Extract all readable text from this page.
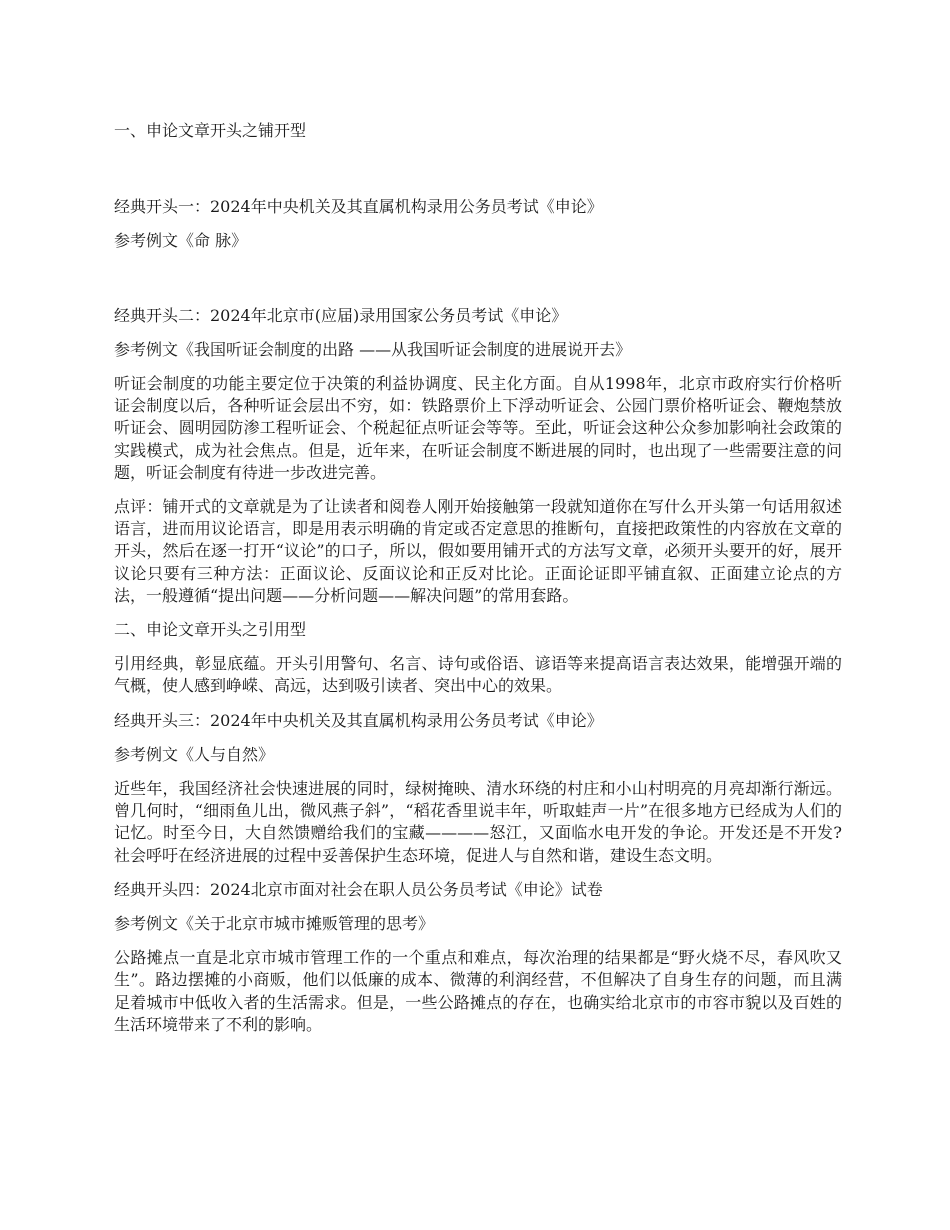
一、申论文章开头之铺开型

经典开头一：2024年中央机关及其直属机构录用公务员考试《申论》

参考例文《命 脉》

经典开头二：2024年北京市(应届)录用国家公务员考试《申论》

参考例文《我国听证会制度的出路 ——从我国听证会制度的进展说开去》

听证会制度的功能主要定位于决策的利益协调度、民主化方面。自从1998年，北京市政府实行价格听证会制度以后，各种听证会层出不穷，如：铁路票价上下浮动听证会、公园门票价格听证会、鞭炮禁放听证会、圆明园防渗工程听证会、个税起征点听证会等等。至此，听证会这种公众参加影响社会政策的实践模式，成为社会焦点。但是，近年来，在听证会制度不断进展的同时，也出现了一些需要注意的问题，听证会制度有待进一步改进完善。

点评：铺开式的文章就是为了让读者和阅卷人刚开始接触第一段就知道你在写什么开头第一句话用叙述语言，进而用议论语言，即是用表示明确的肯定或否定意思的推断句，直接把政策性的内容放在文章的开头，然后在逐一打开“议论”的口子，所以，假如要用铺开式的方法写文章，必须开头要开的好，展开议论只要有三种方法：正面议论、反面议论和正反对比论。正面论证即平铺直叙、正面建立论点的方法，一般遵循“提出问题——分析问题——解决问题”的常用套路。

二、申论文章开头之引用型

引用经典，彰显底蕴。开头引用警句、名言、诗句或俗语、谚语等来提高语言表达效果，能增强开端的气概，使人感到峥嵘、高远，达到吸引读者、突出中心的效果。

经典开头三：2024年中央机关及其直属机构录用公务员考试《申论》

参考例文《人与自然》

近些年，我国经济社会快速进展的同时，绿树掩映、清水环绕的村庄和小山村明亮的月亮却渐行渐远。曾几何时，“细雨鱼儿出，微风燕子斜”，“稻花香里说丰年，听取蛙声一片”在很多地方已经成为人们的记忆。时至今日，大自然馈赠给我们的宝藏————怒江，又面临水电开发的争论。开发还是不开发?社会呼吁在经济进展的过程中妥善保护生态环境，促进人与自然和谐，建设生态文明。

经典开头四：2024北京市面对社会在职人员公务员考试《申论》试卷

参考例文《关于北京市城市摊贩管理的思考》

公路摊点一直是北京市城市管理工作的一个重点和难点，每次治理的结果都是“野火烧不尽，春风吹又生”。路边摆摊的小商贩，他们以低廉的成本、微薄的利润经营，不但解决了自身生存的问题，而且满足着城市中低收入者的生活需求。但是，一些公路摊点的存在，也确实给北京市的市容市貌以及百姓的生活环境带来了不利的影响。
